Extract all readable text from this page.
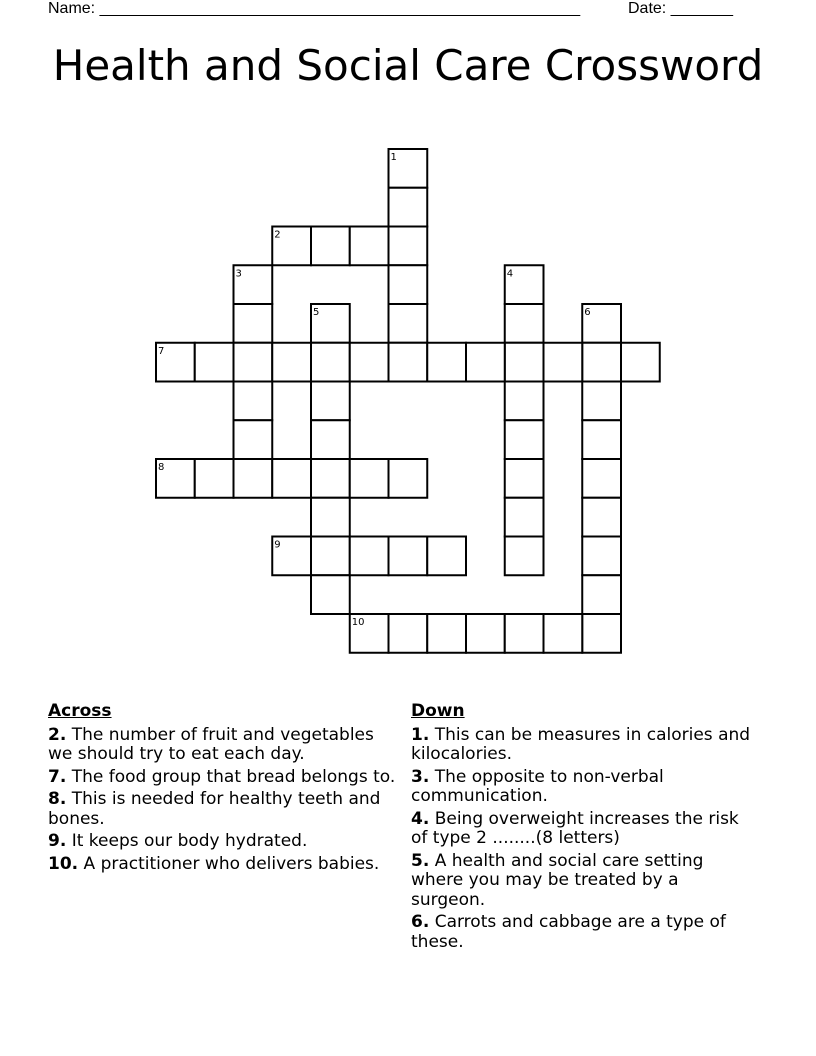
Name: ______________________________________________________	Date: _______
Health and Social Care Crossword
1
2
3	4
5	6
7
8
9
10
Across
2. The number of fruit and vegetables we should try to eat each day.
7. The food group that bread belongs to.
8. This is needed for healthy teeth and bones.
9. It keeps our body hydrated.
10. A practitioner who delivers babies.
Down
1. This can be measures in calories and kilocalories.
3. The opposite to non-verbal communication.
4. Being overweight increases the risk of type 2 ........(8 letters)
5. A health and social care setting where you may be treated by a surgeon.
6. Carrots and cabbage are a type of these.
